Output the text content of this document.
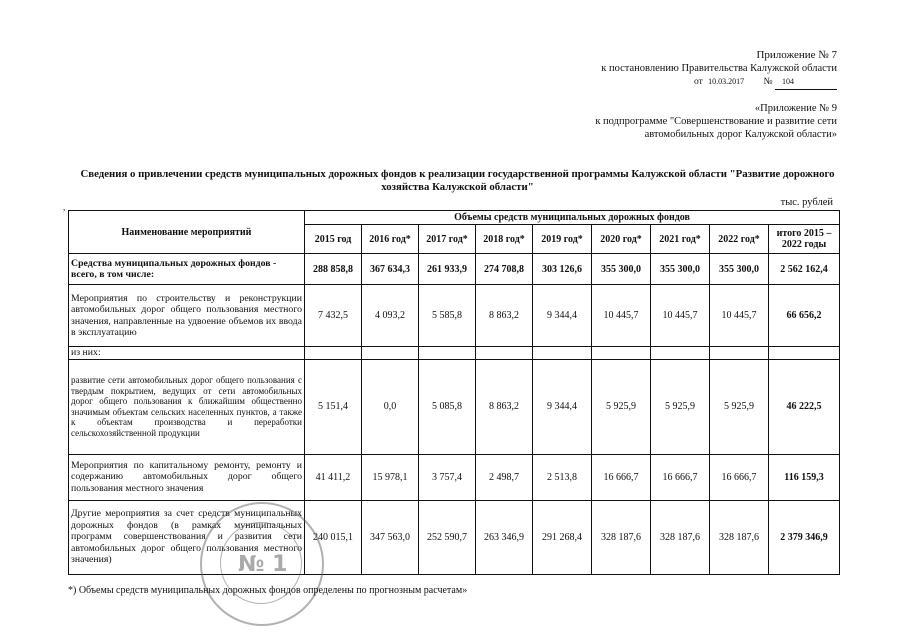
Приложение № 7
к постановлению Правительства Калужской области
от 10.03.2017 № 104
«Приложение № 9
к подпрограмме "Совершенствование и развитие сети
автомобильных дорог Калужской области»
Сведения о привлечении средств муниципальных дорожных фондов к реализации государственной программы Калужской области "Развитие дорожного
хозяйства Калужской области"
,	тыс. рублей
Наименование мероприятий	Объемы средств муниципальных дорожных фондов								
	2015 год	2016 год*	2017 год*	2018 год*	2019 год*	2020 год*	2021 год*	2022 год*	итого 2015 – 2022 годы
Средства муниципальных дорожных фондов - всего, в том числе:	288 858,8	367 634,3	261 933,9	274 708,8	303 126,6	355 300,0	355 300,0	355 300,0	2 562 162,4
Мероприятия по строительству и реконструкции автомобильных дорог общего пользования местного значения, направленные на удвоение объемов их ввода в эксплуатацию	7 432,5	4 093,2	5 585,8	8 863,2	9 344,4	10 445,7	10 445,7	10 445,7	66 656,2
из них:									
развитие сети автомобильных дорог общего пользования с твердым покрытием, ведущих от сети автомобильных дорог общего пользования к ближайшим общественно значимым объектам сельских населенных пунктов, а также к объектам производства и переработки сельскохозяйственной продукции	5 151,4	0,0	5 085,8	8 863,2	9 344,4	5 925,9	5 925,9	5 925,9	46 222,5
Мероприятия по капитальному ремонту, ремонту и содержанию автомобильных дорог общего пользования местного значения	41 411,2	15 978,1	3 757,4	2 498,7	2 513,8	16 666,7	16 666,7	16 666,7	116 159,3
Другие мероприятия за счет средств муниципальных дорожных фондов (в рамках муниципальных программ совершенствования и развития сети автомобильных дорог общего пользования местного значения)	240 015,1	347 563,0	252 590,7	263 346,9	291 268,4	328 187,6	328 187,6	328 187,6	2 379 346,9
№ 1
*) Объемы средств муниципальных дорожных фондов определены по прогнозным расчетам»
